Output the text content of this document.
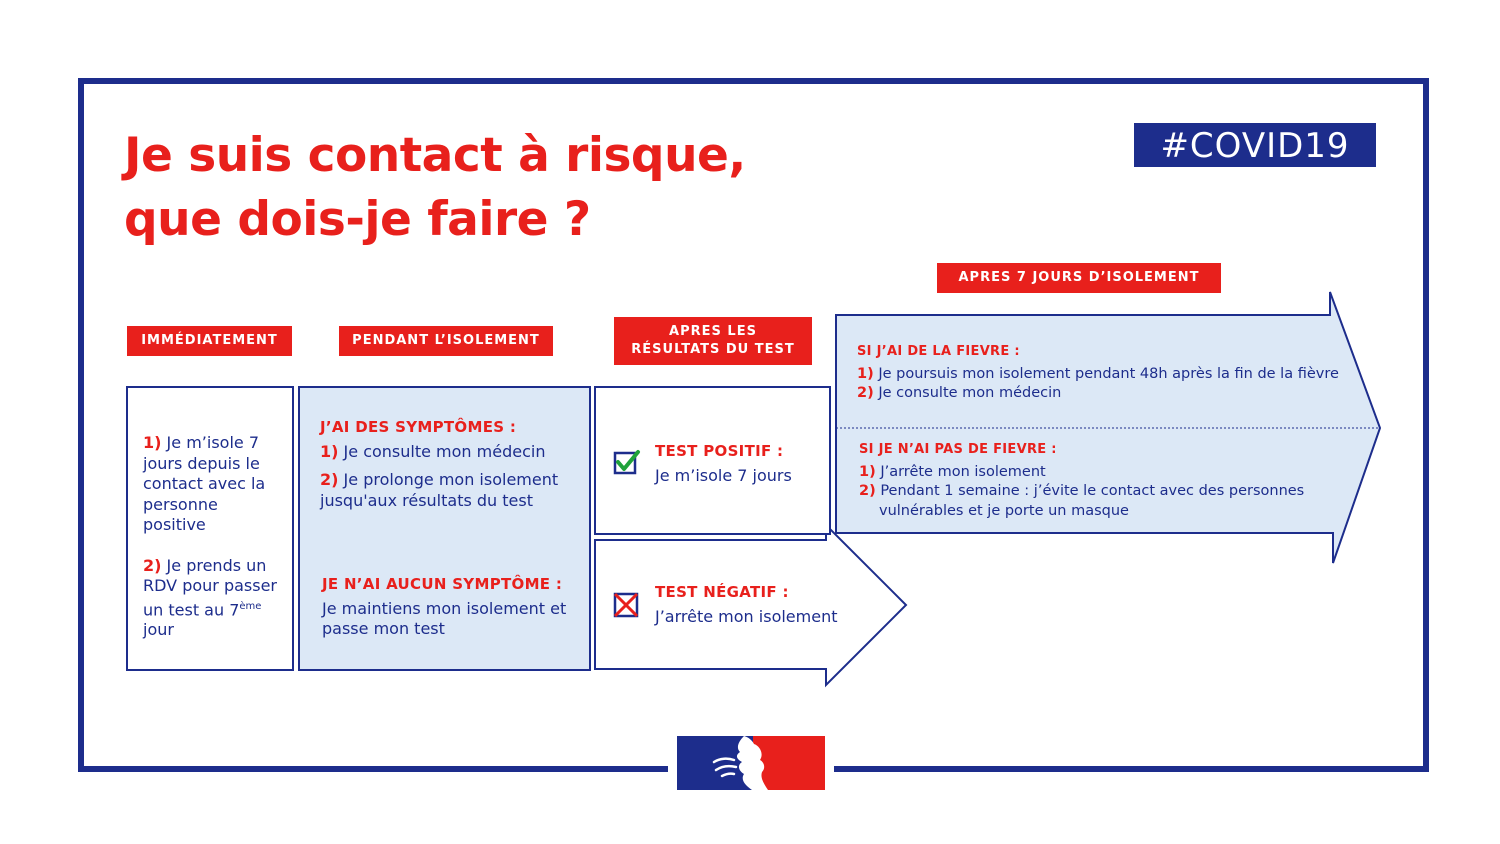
Je suis contact à risque,
que dois-je faire ?
#COVID19
IMMÉDIATEMENT	PENDANT L’ISOLEMENT
APRES LES RÉSULTATS DU TEST
APRES 7 JOURS D’ISOLEMENT

1) Je m’isole 7 jours depuis le contact avec la personne positive

2) Je prends un RDV pour passer un test au 7ème jour

J’AI DES SYMPTÔMES :

1) Je consulte mon médecin

2) Je prolonge mon isolement jusqu'aux résultats du test

JE N’AI AUCUN SYMPTÔME :

Je maintiens mon isolement et passe mon test

TEST POSITIF :

Je m’isole 7 jours

TEST NÉGATIF :

J’arrête mon isolement

SI J’AI DE LA FIEVRE :

1) Je poursuis mon isolement pendant 48h après la fin de la fièvre

2) Je consulte mon médecin

SI JE N’AI PAS DE FIEVRE :

1) J’arrête mon isolement

2) Pendant 1 semaine : j’évite le contact avec des personnes vulnérables et je porte un masque
